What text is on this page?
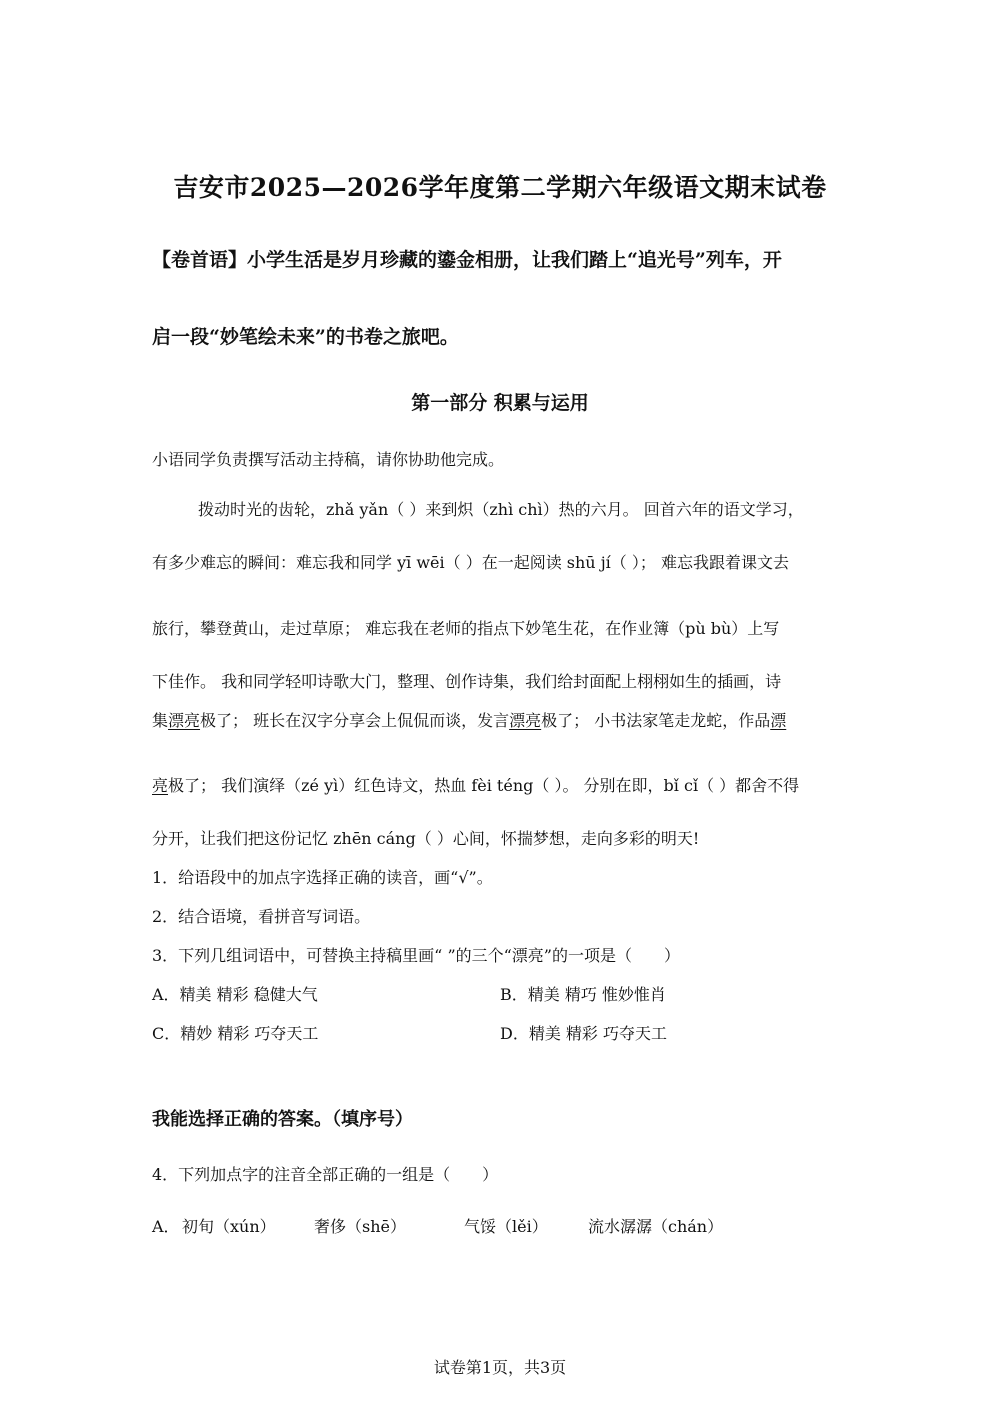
吉安市2025—2026学年度第二学期六年级语文期末试卷
【卷首语】小学生活是岁月珍藏的鎏金相册，让我们踏上“追光号”列车，开
启一段“妙笔绘未来”的书卷之旅吧。
第一部分 积累与运用
小语同学负责撰写活动主持稿，请你协助他完成。
拨动时光的齿轮，zhǎ yǎn（ ）来到炽（zhì chì）热的六月。 回首六年的语文学习，
有多少难忘的瞬间：难忘我和同学 yī wēi（ ）在一起阅读 shū jí（ ）； 难忘我跟着课文去
旅行，攀登黄山，走过草原； 难忘我在老师的指点下妙笔生花，在作业簿（pù bù）上写
下佳作。 我和同学轻叩诗歌大门，整理、创作诗集，我们给封面配上栩栩如生的插画，诗
集漂亮极了； 班长在汉字分享会上侃侃而谈，发言漂亮极了； 小书法家笔走龙蛇，作品漂
亮极了； 我们演绎（zé yì）红色诗文，热血 fèi téng（ ）。 分别在即，bǐ cǐ（ ）都舍不得
分开，让我们把这份记忆 zhēn cáng（ ）心间，怀揣梦想，走向多彩的明天!
1．给语段中的加点字选择正确的读音，画“√”。
2．结合语境，看拼音写词语。
3．下列几组词语中，可替换主持稿里画“ ”的三个“漂亮”的一项是（　　）
A．精美 精彩 稳健大气	B．精美 精巧 惟妙惟肖
C．精妙 精彩 巧夺天工	D．精美 精彩 巧夺天工
我能选择正确的答案。（填序号）
4．下列加点字的注音全部正确的一组是（　　）
A． 初旬（xún） 奢侈（shē）	气馁（lěi）	流水潺潺（chán）
试卷第1页，共3页
